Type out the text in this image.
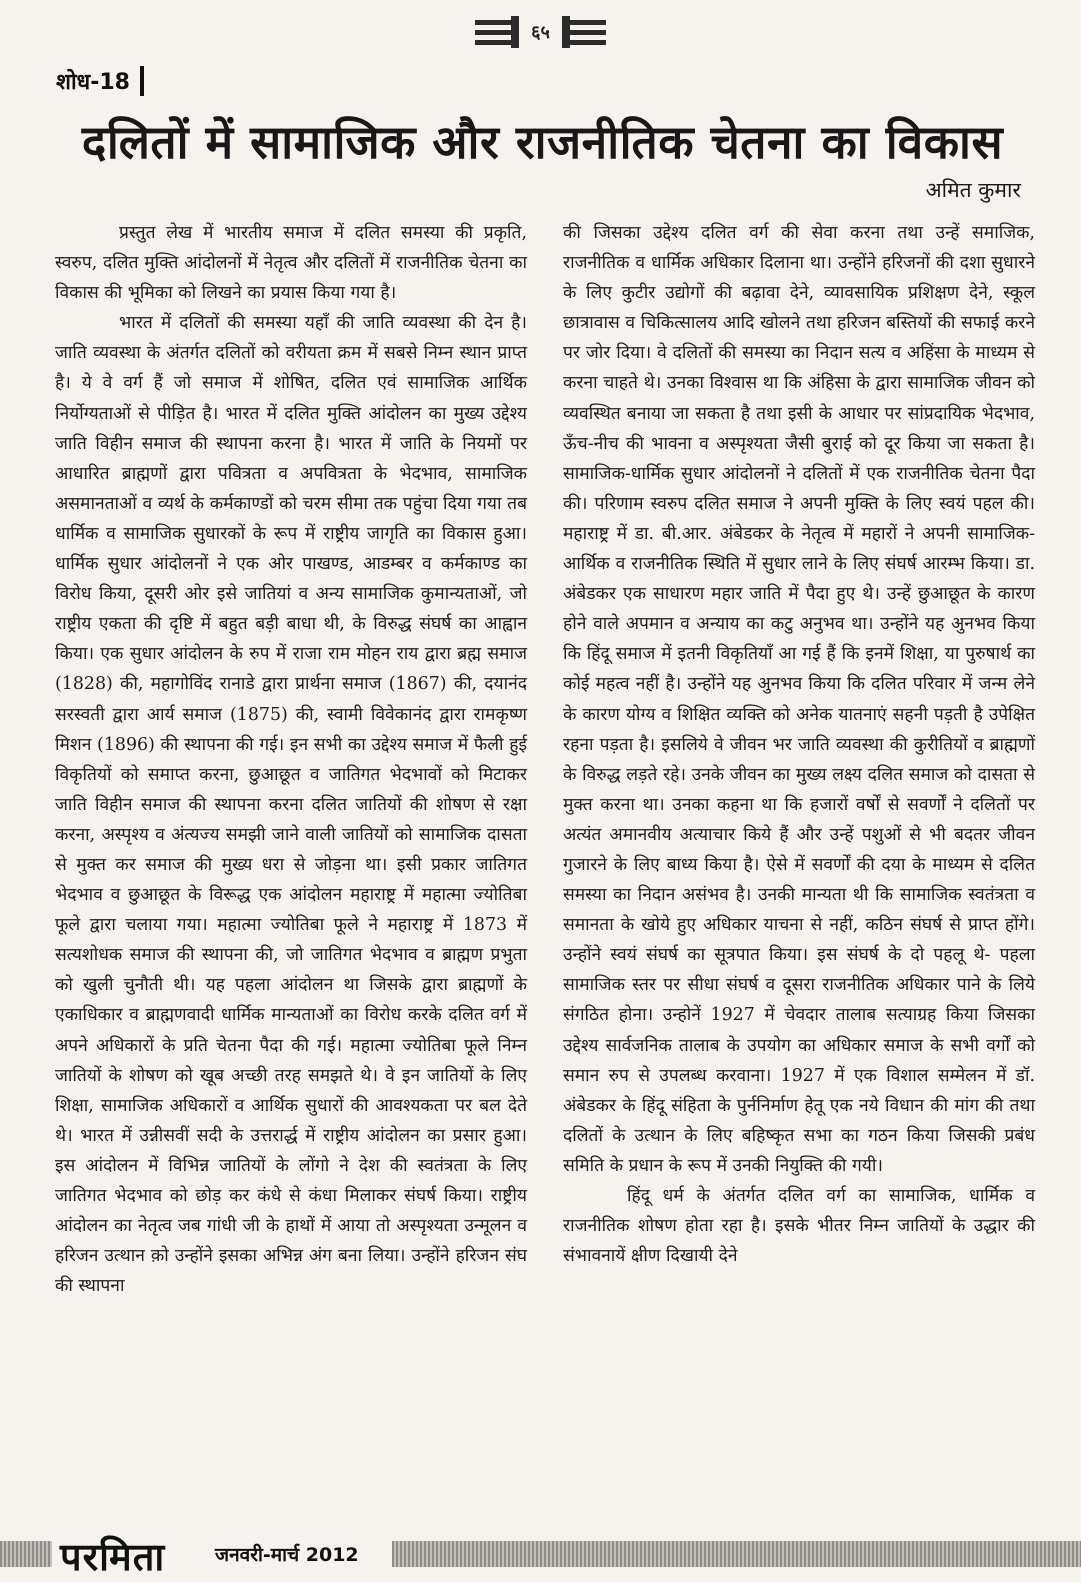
६५
शोध-18
दलितों में सामाजिक और राजनीतिक चेतना का विकास
अमित कुमार

प्रस्तुत लेख में भारतीय समाज में दलित समस्या की प्रकृति, स्वरुप, दलित मुक्ति आंदोलनों में नेतृत्व और दलितों में राजनीतिक चेतना का विकास की भूमिका को लिखने का प्रयास किया गया है।

भारत में दलितों की समस्या यहाँ की जाति व्यवस्था की देन है। जाति व्यवस्था के अंतर्गत दलितों को वरीयता क्रम में सबसे निम्न स्थान प्राप्त है। ये वे वर्ग हैं जो समाज में शोषित, दलित एवं सामाजिक आर्थिक निर्योग्यताओं से पीड़ित है। भारत में दलित मुक्ति आंदोलन का मुख्य उद्देश्य जाति विहीन समाज की स्थापना करना है। भारत में जाति के नियमों पर आधारित ब्राह्मणों द्वारा पवित्रता व अपवित्रता के भेदभाव, सामाजिक असमानताओं व व्यर्थ के कर्मकाण्डों को चरम सीमा तक पहुंचा दिया गया तब धार्मिक व सामाजिक सुधारकों के रूप में राष्ट्रीय जागृति का विकास हुआ। धार्मिक सुधार आंदोलनों ने एक ओर पाखण्ड, आडम्बर व कर्मकाण्ड का विरोध किया, दूसरी ओर इसे जातियां व अन्य सामाजिक कुमान्यताओं, जो राष्ट्रीय एकता की दृष्टि में बहुत बड़ी बाधा थी, के विरुद्ध संघर्ष का आह्वान किया। एक सुधार आंदोलन के रुप में राजा राम मोहन राय द्वारा ब्रह्म समाज (1828) की, महागोविंद रानाडे द्वारा प्रार्थना समाज (1867) की, दयानंद सरस्वती द्वारा आर्य समाज (1875) की, स्वामी विवेकानंद द्वारा रामकृष्ण मिशन (1896) की स्थापना की गई। इन सभी का उद्देश्य समाज में फैली हुई विकृतियों को समाप्त करना, छुआछूत व जातिगत भेदभावों को मिटाकर जाति विहीन समाज की स्थापना करना दलित जातियों की शोषण से रक्षा करना, अस्पृश्य व अंत्यज्य समझी जाने वाली जातियों को सामाजिक दासता से मुक्त कर समाज की मुख्य धरा से जोड़ना था। इसी प्रकार जातिगत भेदभाव व छुआछूत के विरूद्ध एक आंदोलन महाराष्ट्र में महात्मा ज्योतिबा फूले द्वारा चलाया गया। महात्मा ज्योतिबा फूले ने महाराष्ट्र में 1873 में सत्यशोधक समाज की स्थापना की, जो जातिगत भेदभाव व ब्राह्मण प्रभुता को खुली चुनौती थी। यह पहला आंदोलन था जिसके द्वारा ब्राह्मणों के एकाधिकार व ब्राह्मणवादी धार्मिक मान्यताओं का विरोध करके दलित वर्ग में अपने अधिकारों के प्रति चेतना पैदा की गई। महात्मा ज्योतिबा फूले निम्न जातियों के शोषण को खूब अच्छी तरह समझते थे। वे इन जातियों के लिए शिक्षा, सामाजिक अधिकारों व आर्थिक सुधारों की आवश्यकता पर बल देते थे। भारत में उन्नीसवीं सदी के उत्तरार्द्ध में राष्ट्रीय आंदोलन का प्रसार हुआ। इस आंदोलन में विभिन्न जातियों के लोंगो ने देश की स्वतंत्रता के लिए जातिगत भेदभाव को छोड़ कर कंधे से कंधा मिलाकर संघर्ष किया। राष्ट्रीय आंदोलन का नेतृत्व जब गांधी जी के हाथों में आया तो अस्पृश्यता उन्मूलन व हरिजन उत्थान क़ो उन्होंने इसका अभिन्न अंग बना लिया। उन्होंने हरिजन संघ की स्थापना

की जिसका उद्देश्य दलित वर्ग की सेवा करना तथा उन्हें समाजिक, राजनीतिक व धार्मिक अधिकार दिलाना था। उन्होंने हरिजनों की दशा सुधारने के लिए कुटीर उद्योगों की बढ़ावा देने, व्यावसायिक प्रशिक्षण देने, स्कूल छात्रावास व चिकित्सालय आदि खोलने तथा हरिजन बस्तियों की सफाई करने पर जोर दिया। वे दलितों की समस्या का निदान सत्य व अहिंसा के माध्यम से करना चाहते थे। उनका विश्वास था कि अंहिसा के द्वारा सामाजिक जीवन को व्यवस्थित बनाया जा सकता है तथा इसी के आधार पर सांप्रदायिक भेदभाव, ऊँच-नीच की भावना व अस्पृश्यता जैसी बुराई को दूर किया जा सकता है। सामाजिक-धार्मिक सुधार आंदोलनों ने दलितों में एक राजनीतिक चेतना पैदा की। परिणाम स्वरुप दलित समाज ने अपनी मुक्ति के लिए स्वयं पहल की। महाराष्ट्र में डा. बी.आर. अंबेडकर के नेतृत्व में महारों ने अपनी सामाजिक-आर्थिक व राजनीतिक स्थिति में सुधार लाने के लिए संघर्ष आरम्भ किया। डा. अंबेडकर एक साधारण महार जाति में पैदा हुए थे। उन्हें छुआछूत के कारण होने वाले अपमान व अन्याय का कटु अनुभव था। उन्होंने यह अुनभव किया कि हिंदू समाज में इतनी विकृतियाँ आ गई हैं कि इनमें शिक्षा, या पुरुषार्थ का कोई महत्व नहीं है। उन्होंने यह अुनभव किया कि दलित परिवार में जन्म लेने के कारण योग्य व शिक्षित व्यक्ति को अनेक यातनाएं सहनी पड़ती है उपेक्षित रहना पड़ता है। इसलिये वे जीवन भर जाति व्यवस्था की कुरीतियों व ब्राह्मणों के विरुद्ध लड़ते रहे। उनके जीवन का मुख्य लक्ष्य दलित समाज को दासता से मुक्त करना था। उनका कहना था कि हजारों वर्षों से सवर्णों ने दलितों पर अत्यंत अमानवीय अत्याचार किये हैं और उन्हें पशुओं से भी बदतर जीवन गुजारने के लिए बाध्य किया है। ऐसे में सवर्णों की दया के माध्यम से दलित समस्या का निदान असंभव है। उनकी मान्यता थी कि सामाजिक स्वतंत्रता व समानता के खोये हुए अधिकार याचना से नहीं, कठिन संघर्ष से प्राप्त होंगे। उन्होंने स्वयं संघर्ष का सूत्रपात किया। इस संघर्ष के दो पहलू थे- पहला सामाजिक स्तर पर सीधा संघर्ष व दूसरा राजनीतिक अधिकार पाने के लिये संगठित होना। उन्होनें 1927 में चेवदार तालाब सत्याग्रह किया जिसका उद्देश्य सार्वजनिक तालाब के उपयोग का अधिकार समाज के सभी वर्गों को समान रुप से उपलब्ध करवाना। 1927 में एक विशाल सम्मेलन में डॉ. अंबेडकर के हिंदू संहिता के पुर्ननिर्माण हेतू एक नये विधान की मांग की तथा दलितों के उत्थान के लिए बहिष्कृत सभा का गठन किया जिसकी प्रबंध समिति के प्रधान के रूप में उनकी नियुक्ति की गयी।

हिंदू धर्म के अंतर्गत दलित वर्ग का सामाजिक, धार्मिक व राजनीतिक शोषण होता रहा है। इसके भीतर निम्न जातियों के उद्धार की संभावनायें क्षीण दिखायी देने

परमिता	जनवरी-मार्च 2012
